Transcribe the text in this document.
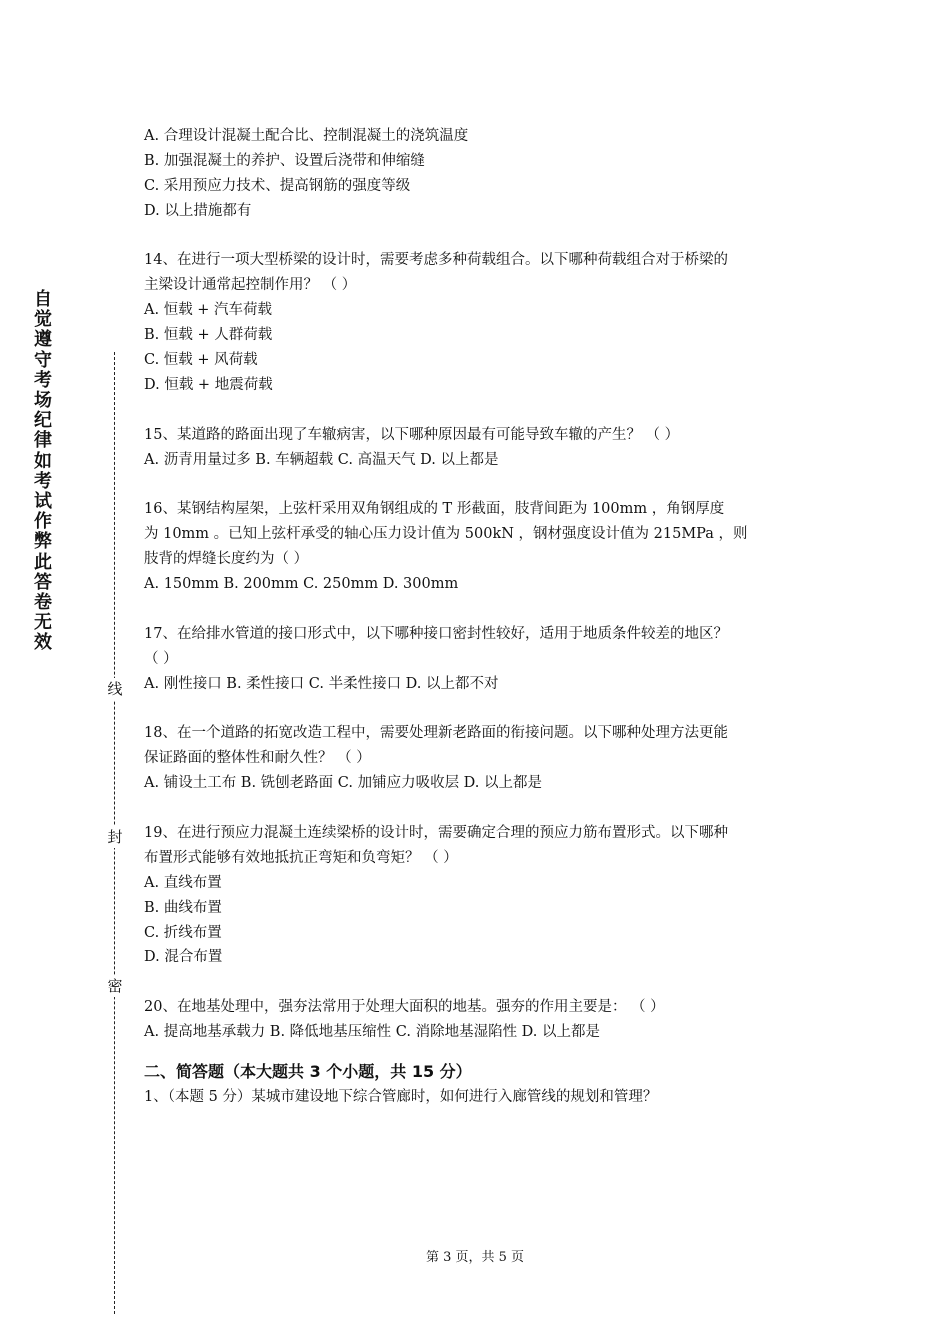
自觉遵守考场纪律如考试作弊此答卷无效
线
封
密
A. 合理设计混凝土配合比、控制混凝土的浇筑温度
B. 加强混凝土的养护、设置后浇带和伸缩缝
C. 采用预应力技术、提高钢筋的强度等级
D. 以上措施都有
14、在进行一项大型桥梁的设计时，需要考虑多种荷载组合。以下哪种荷载组合对于桥梁的
主梁设计通常起控制作用？ （ ）
A. 恒载 + 汽车荷载
B. 恒载 + 人群荷载
C. 恒载 + 风荷载
D. 恒载 + 地震荷载
15、某道路的路面出现了车辙病害，以下哪种原因最有可能导致车辙的产生？ （ ）
A. 沥青用量过多 B. 车辆超载 C. 高温天气 D. 以上都是
16、某钢结构屋架，上弦杆采用双角钢组成的 T 形截面，肢背间距为 100mm ，角钢厚度
为 10mm 。已知上弦杆承受的轴心压力设计值为 500kN ，钢材强度设计值为 215MPa ，则
肢背的焊缝长度约为（ ）
A. 150mm B. 200mm C. 250mm D. 300mm
17、在给排水管道的接口形式中，以下哪种接口密封性较好，适用于地质条件较差的地区？
（ ）
A. 刚性接口 B. 柔性接口 C. 半柔性接口 D. 以上都不对
18、在一个道路的拓宽改造工程中，需要处理新老路面的衔接问题。以下哪种处理方法更能
保证路面的整体性和耐久性？ （ ）
A. 铺设土工布 B. 铣刨老路面 C. 加铺应力吸收层 D. 以上都是
19、在进行预应力混凝土连续梁桥的设计时，需要确定合理的预应力筋布置形式。以下哪种
布置形式能够有效地抵抗正弯矩和负弯矩？ （ ）
A. 直线布置
B. 曲线布置
C. 折线布置
D. 混合布置
20、在地基处理中，强夯法常用于处理大面积的地基。强夯的作用主要是： （ ）
A. 提高地基承载力 B. 降低地基压缩性 C. 消除地基湿陷性 D. 以上都是
二、简答题（本大题共 3 个小题，共 15 分）
1、（本题 5 分）某城市建设地下综合管廊时，如何进行入廊管线的规划和管理？
第 3 页，共 5 页
